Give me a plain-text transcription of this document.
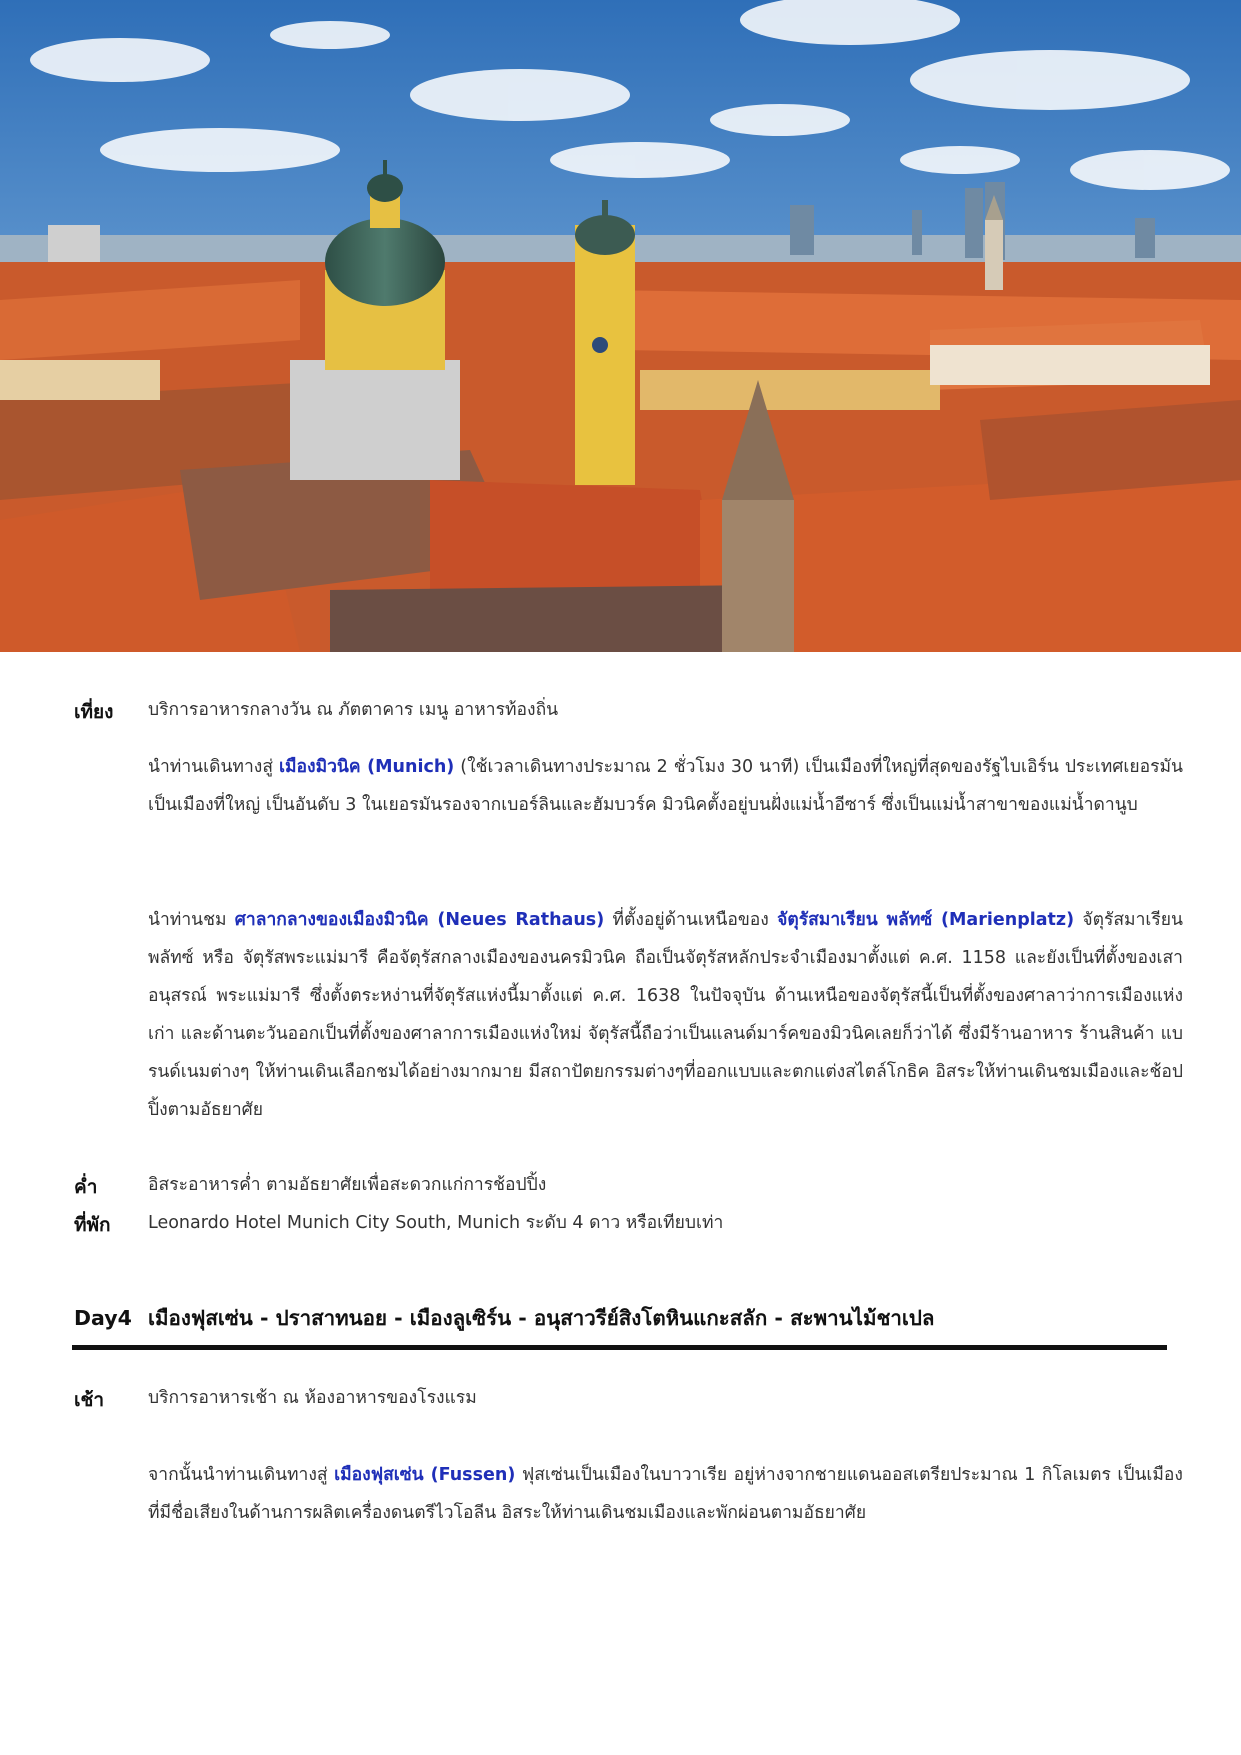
เที่ยง บริการอาหารกลางวัน ณ ภัตตาคาร เมนู อาหารท้องถิ่น
นำท่านเดินทางสู่ เมืองมิวนิค (Munich) (ใช้เวลาเดินทางประมาณ 2 ชั่วโมง 30 นาที) เป็นเมืองที่ใหญ่ที่สุดของรัฐไบเอิร์น ประเทศเยอรมัน เป็นเมืองที่ใหญ่ เป็นอันดับ 3 ในเยอรมันรองจากเบอร์ลินและฮัมบวร์ค มิวนิคตั้งอยู่บนฝั่งแม่น้ำอีซาร์ ซึ่งเป็นแม่น้ำสาขาของแม่น้ำดานูบ
นำท่านชม ศาลากลางของเมืองมิวนิค (Neues Rathaus) ที่ตั้งอยู่ด้านเหนือของ จัตุรัสมาเรียน พลัทซ์ (Marienplatz) จัตุรัสมาเรียนพลัทซ์ หรือ จัตุรัสพระแม่มารี คือจัตุรัสกลางเมืองของนครมิวนิค ถือเป็นจัตุรัสหลักประจำเมืองมาตั้งแต่ ค.ศ. 1158 และยังเป็นที่ตั้งของเสาอนุสรณ์ พระแม่มารี ซึ่งตั้งตระหง่านที่จัตุรัสแห่งนี้มาตั้งแต่ ค.ศ. 1638 ในปัจจุบัน ด้านเหนือของจัตุรัสนี้เป็นที่ตั้งของศาลาว่าการเมืองแห่งเก่า และด้านตะวันออกเป็นที่ตั้งของศาลาการเมืองแห่งใหม่ จัตุรัสนี้ถือว่าเป็นแลนด์มาร์คของมิวนิคเลยก็ว่าได้ ซึ่งมีร้านอาหาร ร้านสินค้า แบรนด์เนมต่างๆ ให้ท่านเดินเลือกชมได้อย่างมากมาย มีสถาปัตยกรรมต่างๆที่ออกแบบและตกแต่งสไตล์โกธิค อิสระให้ท่านเดินชมเมืองและช้อปปิ้งตามอัธยาศัย
ค่ำ	อิสระอาหารค่ำ ตามอัธยาศัยเพื่อสะดวกแก่การช้อปปิ้ง
ที่พัก Leonardo Hotel Munich City South, Munich ระดับ 4 ดาว หรือเทียบเท่า
Day4 เมืองฟุสเซ่น - ปราสาทนอย - เมืองลูเซิร์น - อนุสาวรีย์สิงโตหินแกะสลัก - สะพานไม้ชาเปล
เช้า	บริการอาหารเช้า ณ ห้องอาหารของโรงแรม
จากนั้นนำท่านเดินทางสู่ เมืองฟุสเซ่น (Fussen) ฟุสเซ่นเป็นเมืองในบาวาเรีย อยู่ห่างจากชายแดนออสเตรียประมาณ 1 กิโลเมตร เป็นเมืองที่มีชื่อเสียงในด้านการผลิตเครื่องดนตรีไวโอลีน อิสระให้ท่านเดินชมเมืองและพักผ่อนตามอัธยาศัย
